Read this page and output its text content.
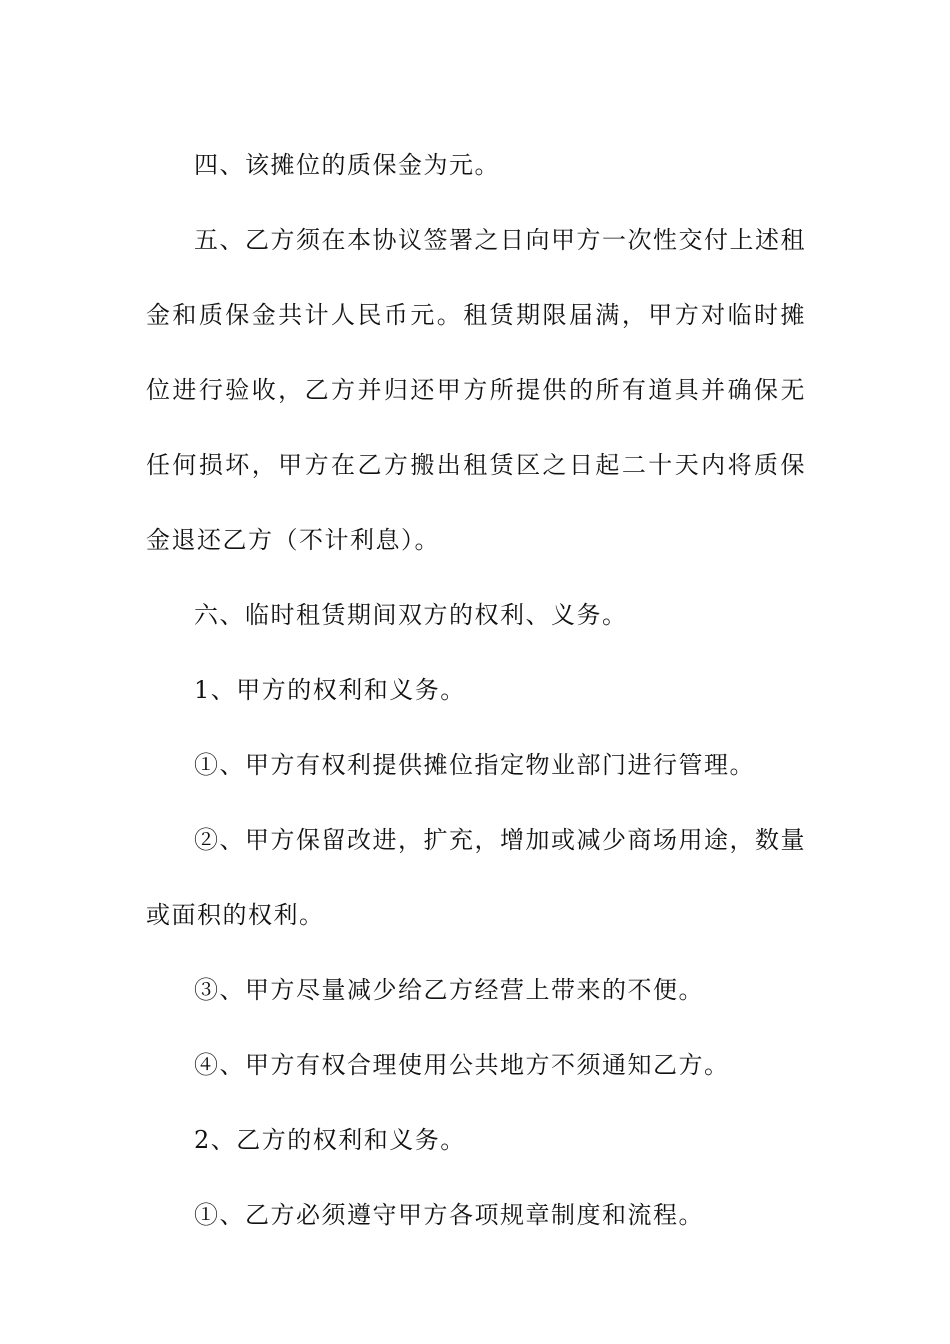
四、该摊位的质保金为元。

五、乙方须在本协议签署之日向甲方一次性交付上述租金和质保金共计人民币元。租赁期限届满，甲方对临时摊位进行验收，乙方并归还甲方所提供的所有道具并确保无任何损坏，甲方在乙方搬出租赁区之日起二十天内将质保金退还乙方（不计利息）。

六、临时租赁期间双方的权利、义务。

1、甲方的权利和义务。

①、甲方有权利提供摊位指定物业部门进行管理。

②、甲方保留改进，扩充，增加或减少商场用途，数量或面积的权利。

③、甲方尽量减少给乙方经营上带来的不便。

④、甲方有权合理使用公共地方不须通知乙方。

2、乙方的权利和义务。

①、乙方必须遵守甲方各项规章制度和流程。
